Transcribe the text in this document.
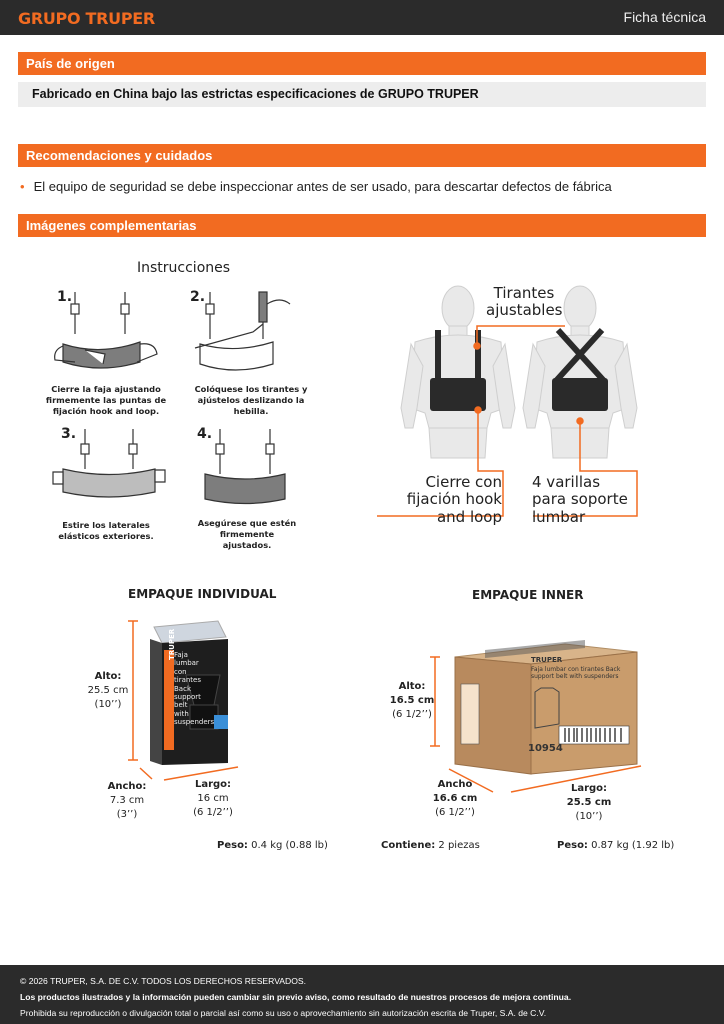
GRUPO TRUPER	Ficha técnica
País de origen
Fabricado en China bajo las estrictas especificaciones de GRUPO TRUPER
Recomendaciones y cuidados
• El equipo de seguridad se debe inspeccionar antes de ser usado, para descartar defectos de fábrica
Imágenes complementarias
Instrucciones
1.	2.
3.	4.
Cierre la faja ajustando firmemente las puntas de fijación hook and loop.
Colóquese los tirantes y ajústelos deslizando la hebilla.
Estire los laterales elásticos exteriores.
Asegúrese que estén firmemente ajustados.
Tirantes ajustables
Cierre con fijación hook and loop
4 varillas para soporte lumbar
EMPAQUE INDIVIDUAL
Faja lumbar con tirantes Back support belt with suspenders
TRUPER
Alto:
25.5 cm
(10’’)
Ancho:
7.3 cm
(3’’)
Largo:
16 cm
(6 1/2’’)
Peso: 0.4 kg (0.88 lb)
EMPAQUE INNER
TRUPER
Faja lumbar con tirantes Back support belt with suspenders
10954
Alto:
16.5 cm
(6 1/2’’)
Ancho
16.6 cm
(6 1/2’’)
Largo:
25.5 cm
(10’’)
Contiene: 2 piezas	Peso: 0.87 kg (1.92 lb)
© 2026 TRUPER, S.A. DE C.V. TODOS LOS DERECHOS RESERVADOS.
Los productos ilustrados y la información pueden cambiar sin previo aviso, como resultado de nuestros procesos de mejora continua.
Prohibida su reproducción o divulgación total o parcial así como su uso o aprovechamiento sin autorización escrita de Truper, S.A. de C.V.
